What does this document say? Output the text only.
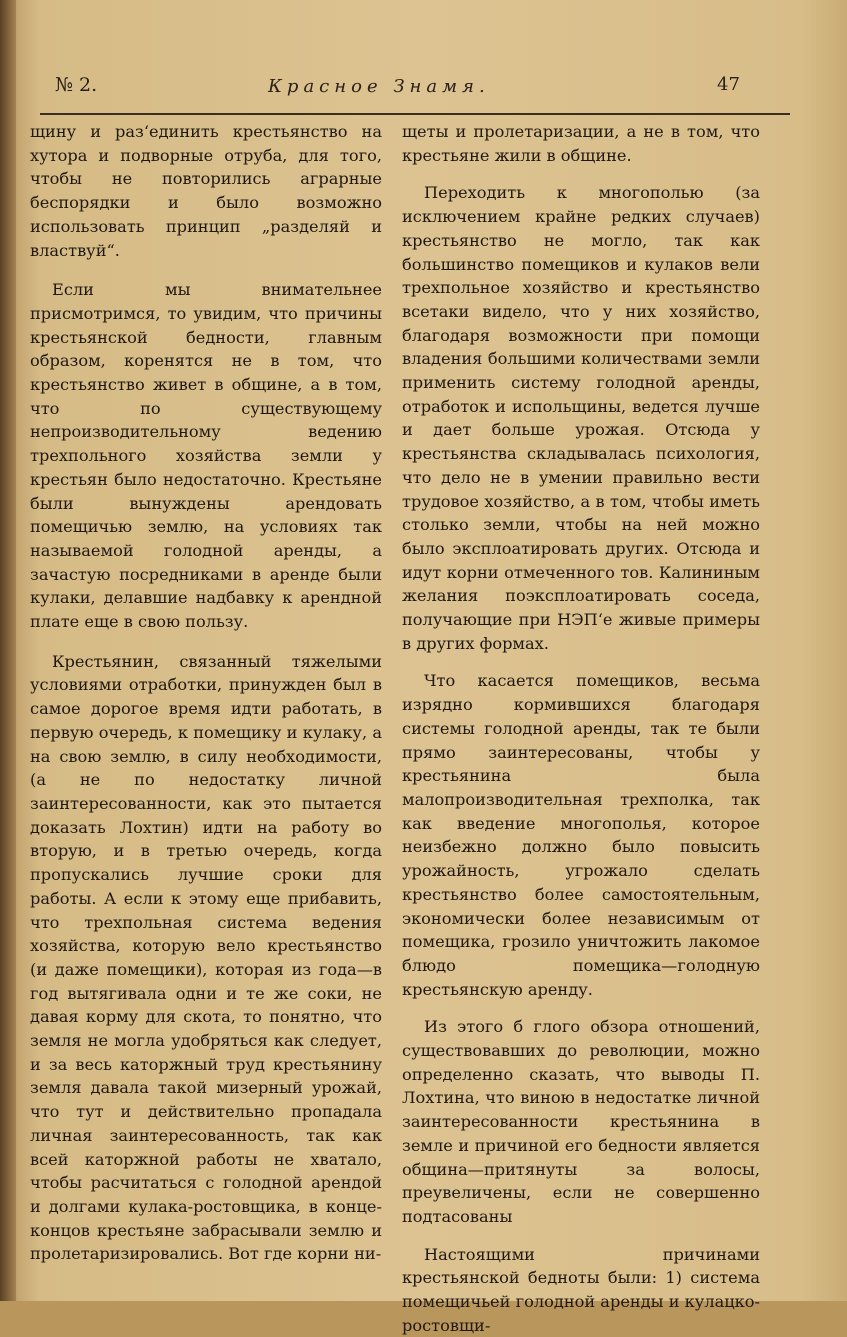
№ 2.	Красное Знамя.	47

щину и раз‘единить крестьянство на хутора и подворные отруба, для того, чтобы не повторились аграрные беспорядки и было возможно использовать принцип „разделяй и властвуй“.

Если мы внимательнее присмотримся, то увидим, что причины крестьянской бедности, главным образом, коренятся не в том, что крестьянство живет в общине, а в том, что по существующему непроизводительному ведению трехпольного хозяйства земли у крестьян было недостаточно. Крестьяне были вынуждены арендовать помещичью землю, на условиях так называемой голодной аренды, а зачастую посредниками в аренде были кулаки, делавшие надбавку к арендной плате еще в свою пользу.

Крестьянин, связанный тяжелыми условиями отработки, принужден был в самое дорогое время идти работать, в первую очередь, к помещику и кулаку, а на свою землю, в силу необходимости, (а не по недостатку личной заинтересованности, как это пытается доказать Лохтин) идти на работу во вторую, и в третью очередь, когда пропускались лучшие сроки для работы. А если к этому еще прибавить, что трехпольная система ведения хозяйства, которую вело крестьянство (и даже помещики), которая из года—в год вытягивала одни и те же соки, не давая корму для скота, то понятно, что земля не могла удобряться как следует, и за весь каторжный труд крестьянину земля давала такой мизерный урожай, что тут и действительно пропадала личная заинтересованность, так как всей каторжной работы не хватало, чтобы расчитаться с голодной арендой и долгами кулака-ростовщика, в конце-концов крестьяне забрасывали землю и пролетаризировались. Вот где корни ни-

щеты и пролетаризации, а не в том, что крестьяне жили в общине.

Переходить к многополью (за исключением крайне редких случаев) крестьянство не могло, так как большинство помещиков и кулаков вели трехпольное хозяйство и крестьянство всетаки видело, что у них хозяйство, благодаря возможности при помощи владения большими количествами земли применить систему голодной аренды, отработок и испольщины, ведется лучше и дает больше урожая. Отсюда у крестьянства складывалась психология, что дело не в умении правильно вести трудовое хозяйство, а в том, чтобы иметь столько земли, чтобы на ней можно было эксплоатировать других. Отсюда и идут корни отмеченного тов. Калининым желания поэксплоатировать соседа, получающие при НЭП‘е живые примеры в других формах.

Что касается помещиков, весьма изрядно кормившихся благодаря системы голодной аренды, так те были прямо заинтересованы, чтобы у крестьянина была малопроизводительная трехполка, так как введение многополья, которое неизбежно должно было повысить урожайность, угрожало сделать крестьянство более самостоятельным, экономически более независимым от помещика, грозило уничтожить лакомое блюдо помещика—голодную крестьянскую аренду.

Из этого б глого обзора отношений, существовавших до революции, можно определенно сказать, что выводы П. Лохтина, что виною в недостатке личной заинтересованности крестьянина в земле и причиной его бедности является община—притянуты за волосы, преувеличены, если не совершенно подтасованы

Настоящими причинами крестьянской бедноты были: 1) система помещичьей голодной аренды и кулацко-ростовщи-
